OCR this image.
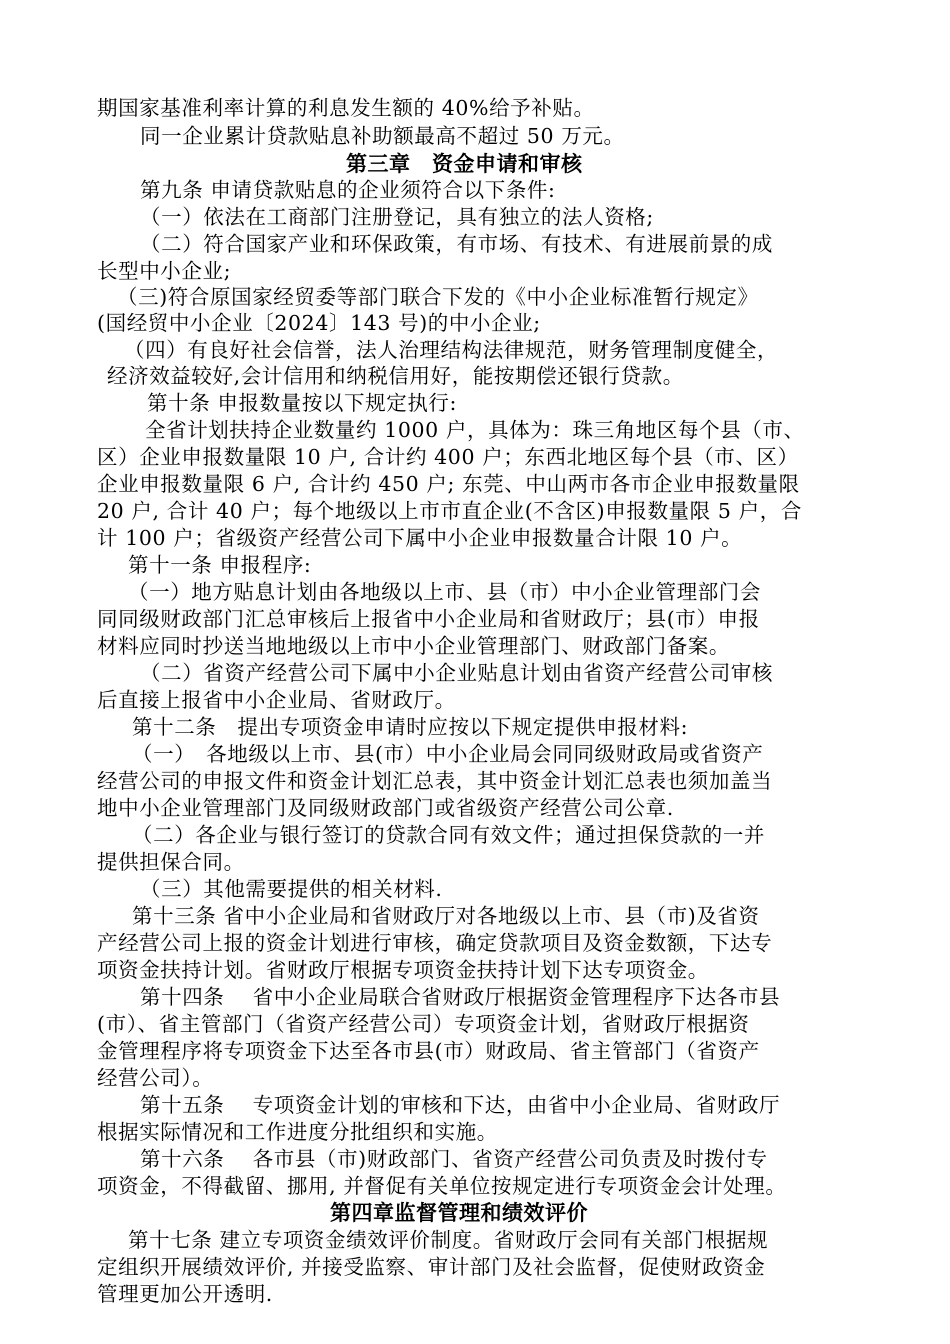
期国家基准利率计算的利息发生额的 40%给予补贴。
同一企业累计贷款贴息补助额最高不超过 50 万元。
第三章　资金申请和审核
第九条 申请贷款贴息的企业须符合以下条件:
（一）依法在工商部门注册登记，具有独立的法人资格;
（二）符合国家产业和环保政策，有市场、有技术、有进展前景的成
长型中小企业;
（三)符合原国家经贸委等部门联合下发的《中小企业标准暂行规定》
(国经贸中小企业〔2024〕143 号)的中小企业;
（四）有良好社会信誉，法人治理结构法律规范，财务管理制度健全，
经济效益较好,会计信用和纳税信用好，能按期偿还银行贷款。
第十条 申报数量按以下规定执行:
全省计划扶持企业数量约 1000 户，具体为：珠三角地区每个县（市、
区）企业申报数量限 10 户, 合计约 400 户；东西北地区每个县（市、区）
企业申报数量限 6 户, 合计约 450 户; 东莞、中山两市各市企业申报数量限
20 户, 合计 40 户；每个地级以上市市直企业(不含区)申报数量限 5 户，合
计 100 户；省级资产经营公司下属中小企业申报数量合计限 10 户。
第十一条 申报程序:
（一）地方贴息计划由各地级以上市、县（市）中小企业管理部门会
同同级财政部门汇总审核后上报省中小企业局和省财政厅；县(市）申报
材料应同时抄送当地地级以上市中小企业管理部门、财政部门备案。
（二）省资产经营公司下属中小企业贴息计划由省资产经营公司审核
后直接上报省中小企业局、省财政厅。
第十二条　提出专项资金申请时应按以下规定提供申报材料:
（一）　各地级以上市、县(市）中小企业局会同同级财政局或省资产
经营公司的申报文件和资金计划汇总表，其中资金计划汇总表也须加盖当
地中小企业管理部门及同级财政部门或省级资产经营公司公章.
（二）各企业与银行签订的贷款合同有效文件；通过担保贷款的一并
提供担保合同。
（三）其他需要提供的相关材料.
第十三条 省中小企业局和省财政厅对各地级以上市、县（市)及省资
产经营公司上报的资金计划进行审核，确定贷款项目及资金数额，下达专
项资金扶持计划。省财政厅根据专项资金扶持计划下达专项资金。
第十四条　 省中小企业局联合省财政厅根据资金管理程序下达各市县
(市）、省主管部门（省资产经营公司）专项资金计划，省财政厅根据资
金管理程序将专项资金下达至各市县(市）财政局、省主管部门（省资产
经营公司）。
第十五条　 专项资金计划的审核和下达，由省中小企业局、省财政厅
根据实际情况和工作进度分批组织和实施。
第十六条　 各市县（市)财政部门、省资产经营公司负责及时拨付专
项资金，不得截留、挪用, 并督促有关单位按规定进行专项资金会计处理。
第四章监督管理和绩效评价
第十七条 建立专项资金绩效评价制度。省财政厅会同有关部门根据规
定组织开展绩效评价, 并接受监察、审计部门及社会监督，促使财政资金
管理更加公开透明.
